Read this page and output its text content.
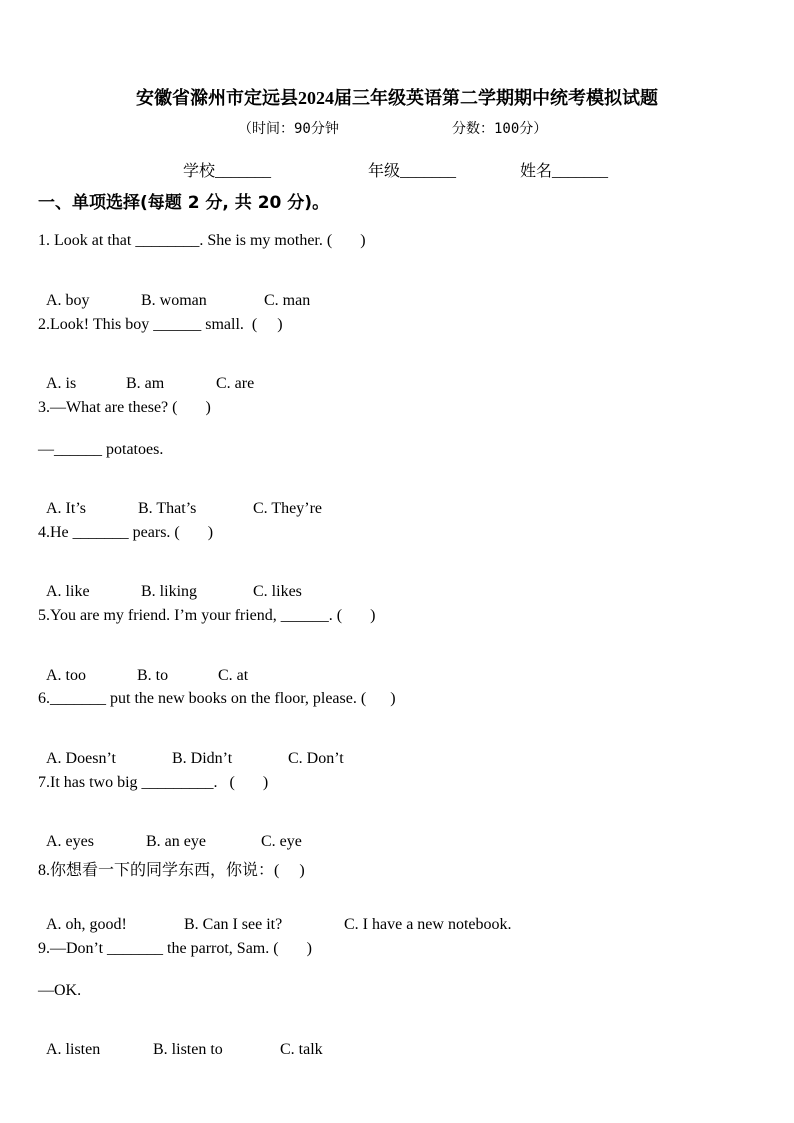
安徽省滁州市定远县2024届三年级英语第二学期期中统考模拟试题
（时间：90分钟	分数：100分）
学校_______	年级_______	姓名_______
一、单项选择(每题 2 分, 共 20 分)。
1. Look at that ________. She is my mother. (       )

A. boy	B. woman	C. man

2.Look! This boy ______ small.  (     )

A. is	B. am	C. are

3.—What are these? (       )
—______ potatoes.

A. It’s	B. That’s	C. They’re

4.He _______ pears. (       )

A. like	B. liking	C. likes

5.You are my friend. I’m your friend, ______. (       )

A. too	B. to	C. at

6._______ put the new books on the floor, please. (      )

A. Doesn’t	B. Didn’t	C. Don’t

7.It has two big _________.   (       )

A. eyes	B. an eye	C. eye

8.你想看一下的同学东西，你说：(     )

A. oh, good!	B. Can I see it?	C. I have a new notebook.

9.—Don’t _______ the parrot, Sam. (       )
—OK.

A. listen	B. listen to	C. talk
